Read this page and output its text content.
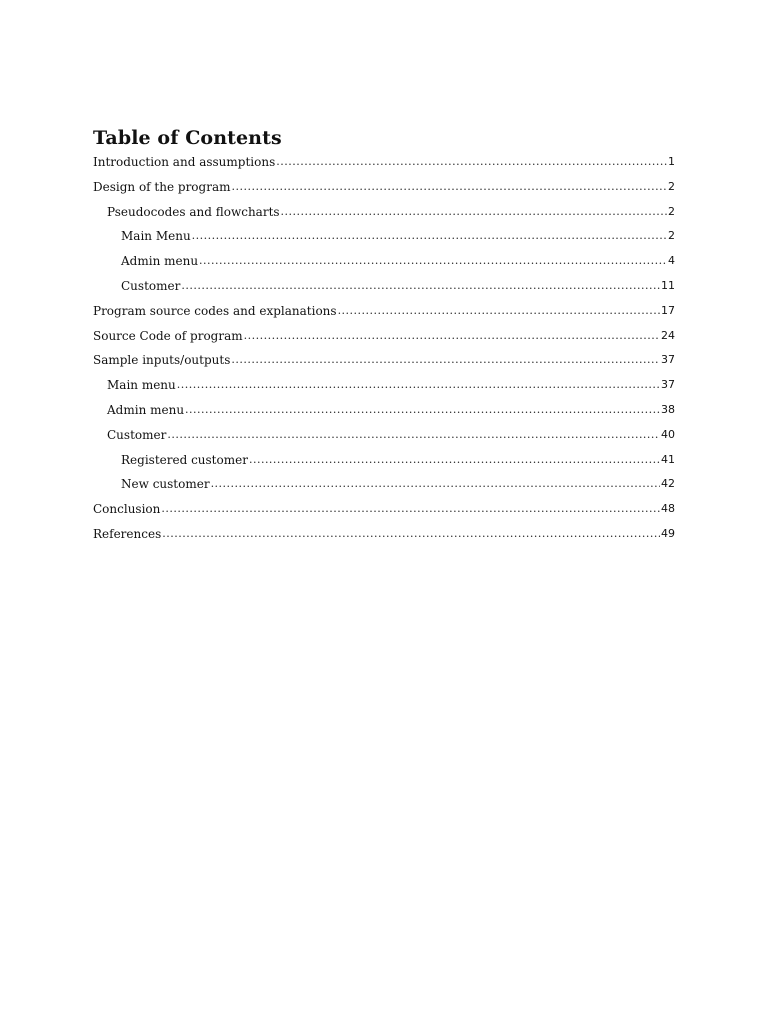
Table of Contents
Introduction and assumptions .....	1
Design of the program .....	2
Pseudocodes and flowcharts .....	2
Main Menu .....	2
Admin menu .....	4
Customer .....	11
Program source codes and explanations .....	17
Source Code of program .....	24
Sample inputs/outputs .....	37
Main menu .....	37
Admin menu .....	38
Customer .....	40
Registered customer .....	41
New customer .....	42
Conclusion .....	48
References .....	49
